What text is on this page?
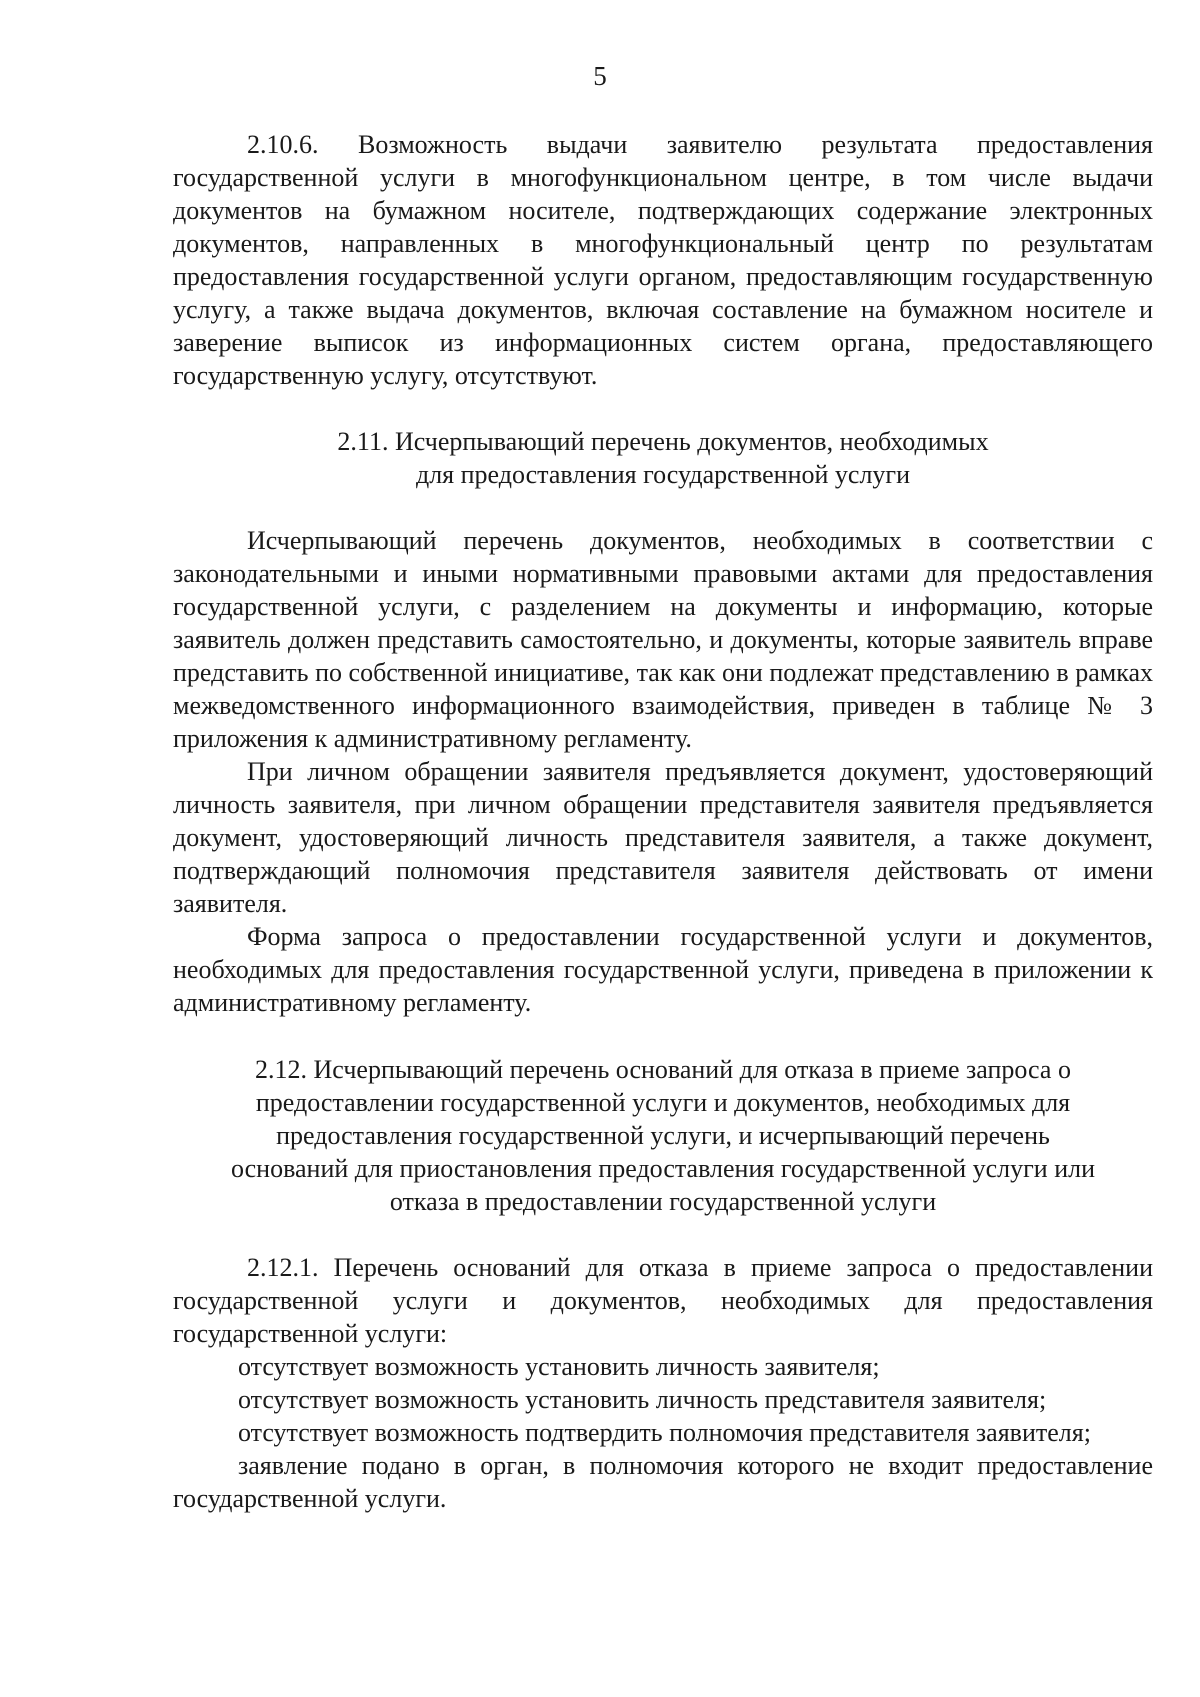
5

2.10.6. Возможность выдачи заявителю результата предоставления государственной услуги в многофункциональном центре, в том числе выдачи документов на бумажном носителе, подтверждающих содержание электронных документов, направленных в многофункциональный центр по результатам предоставления государственной услуги органом, предоставляющим государственную услугу, а также выдача документов, включая составление на бумажном носителе и заверение выписок из информационных систем органа, предоставляющего государственную услугу, отсутствуют.

2.11. Исчерпывающий перечень документов, необходимых
для предоставления государственной услуги

Исчерпывающий перечень документов, необходимых в соответствии с законодательными и иными нормативными правовыми актами для предоставления государственной услуги, с разделением на документы и информацию, которые заявитель должен представить самостоятельно, и документы, которые заявитель вправе представить по собственной инициативе, так как они подлежат представлению в рамках межведомственного информационного взаимодействия, приведен в таблице № 3 приложения к административному регламенту.

При личном обращении заявителя предъявляется документ, удостоверяющий личность заявителя, при личном обращении представителя заявителя предъявляется документ, удостоверяющий личность представителя заявителя, а также документ, подтверждающий полномочия представителя заявителя действовать от имени заявителя.

Форма запроса о предоставлении государственной услуги и документов, необходимых для предоставления государственной услуги, приведена в приложении к административному регламенту.

2.12. Исчерпывающий перечень оснований для отказа в приеме запроса о
предоставлении государственной услуги и документов, необходимых для
предоставления государственной услуги, и исчерпывающий перечень
оснований для приостановления предоставления государственной услуги или
отказа в предоставлении государственной услуги

2.12.1. Перечень оснований для отказа в приеме запроса о предоставлении государственной услуги и документов, необходимых для предоставления государственной услуги:

отсутствует возможность установить личность заявителя;

отсутствует возможность установить личность представителя заявителя;

отсутствует возможность подтвердить полномочия представителя заявителя;

заявление подано в орган, в полномочия которого не входит предоставление государственной услуги.
